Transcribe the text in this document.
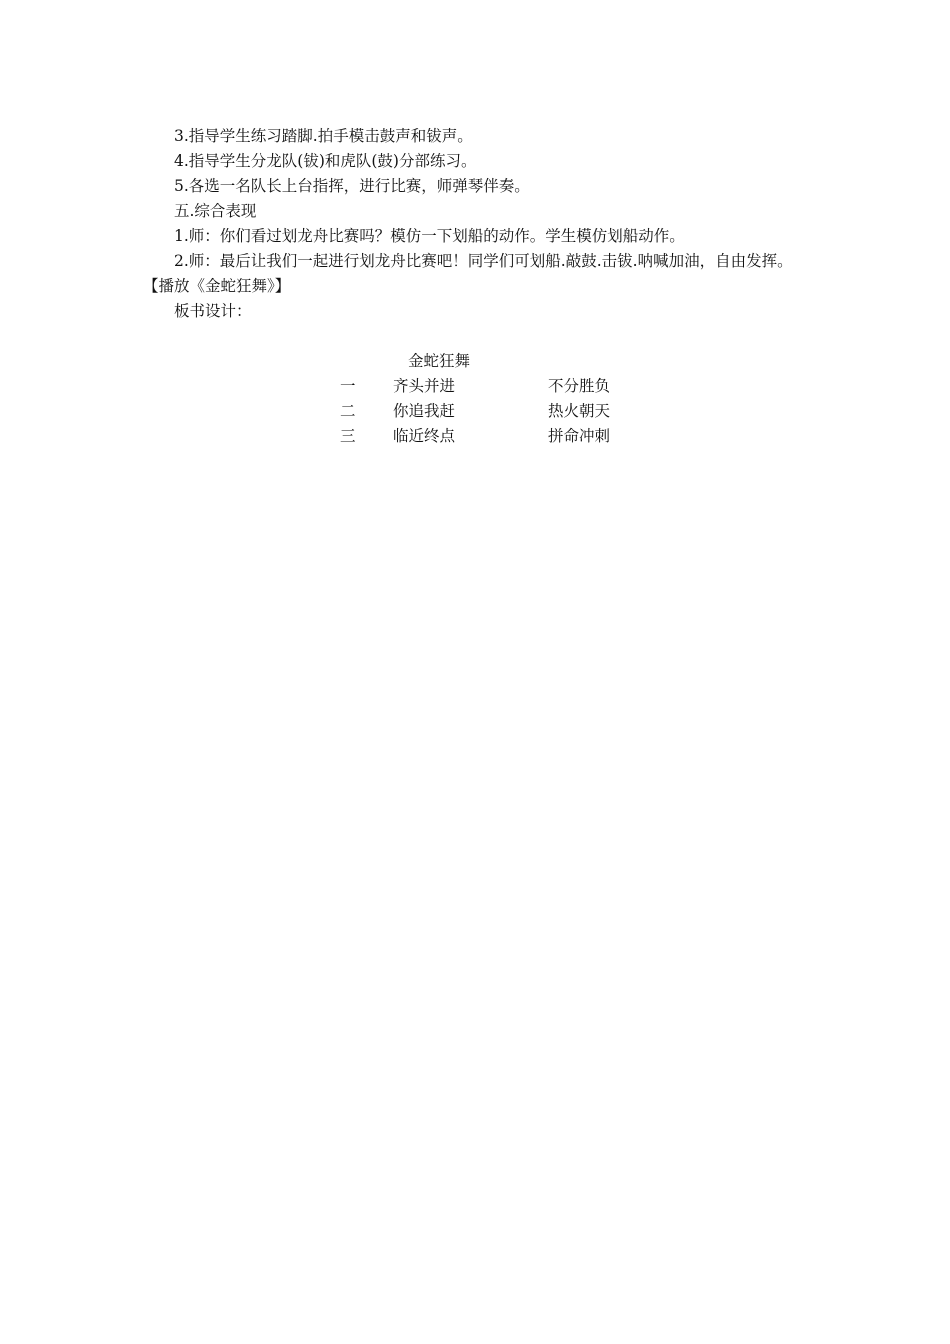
3.指导学生练习踏脚.拍手模击鼓声和钹声。
4.指导学生分龙队(钹)和虎队(鼓)分部练习。
5.各选一名队长上台指挥，进行比赛，师弹琴伴奏。
五.综合表现
1.师：你们看过划龙舟比赛吗？模仿一下划船的动作。学生模仿划船动作。
2.师：最后让我们一起进行划龙舟比赛吧！同学们可划船.敲鼓.击钹.呐喊加油，自由发挥。
【播放《金蛇狂舞》】
板书设计：
金蛇狂舞
一 齐头并进	不分胜负
二 你追我赶	热火朝天
三 临近终点	拼命冲刺
